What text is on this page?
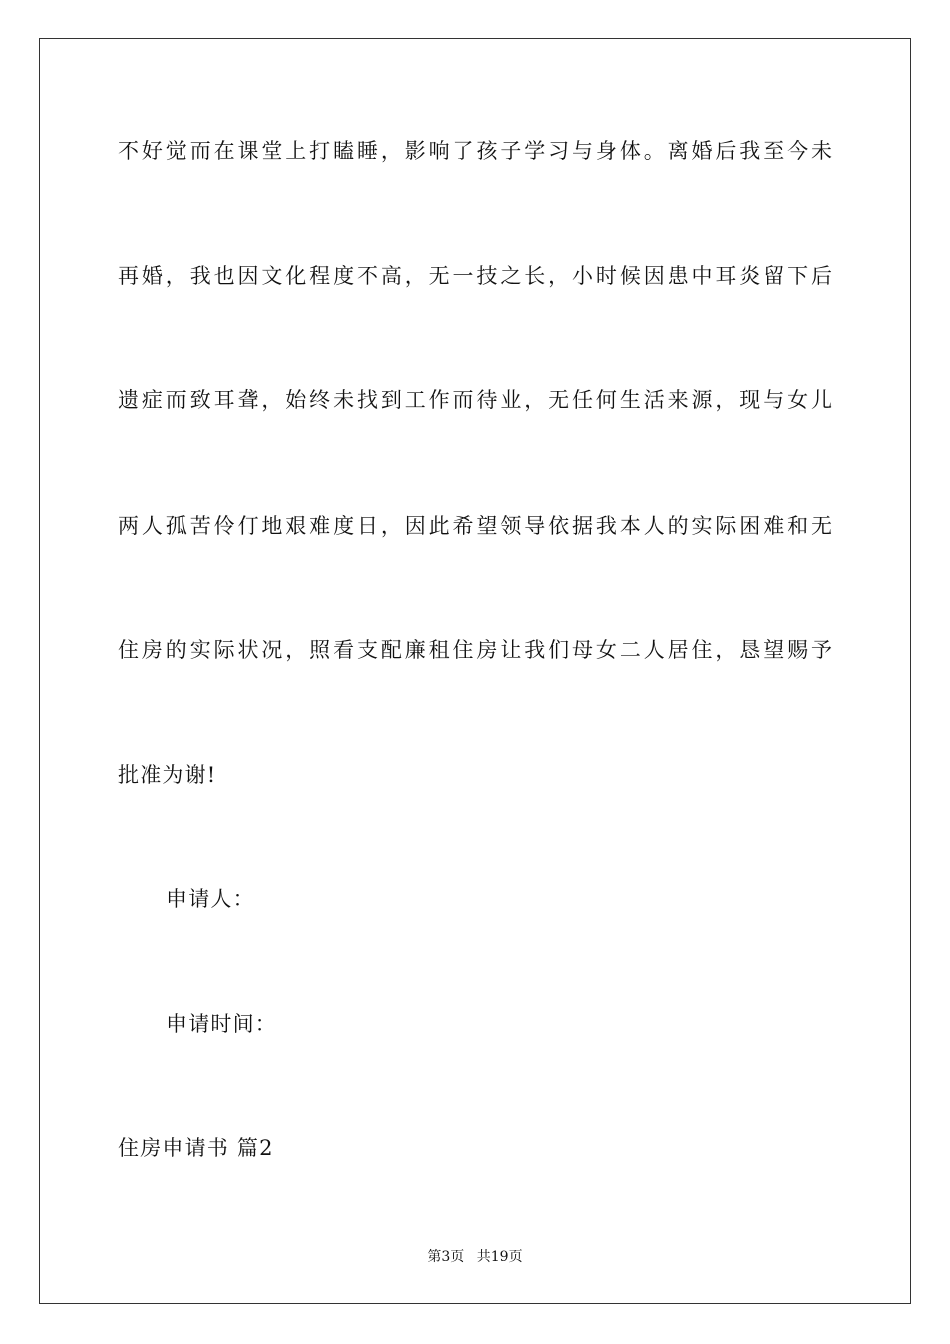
不好觉而在课堂上打瞌睡，影响了孩子学习与身体。离婚后我至今未
再婚，我也因文化程度不高，无一技之长，小时候因患中耳炎留下后
遗症而致耳聋，始终未找到工作而待业，无任何生活来源，现与女儿
两人孤苦伶仃地艰难度日，因此希望领导依据我本人的实际困难和无
住房的实际状况，照看支配廉租住房让我们母女二人居住，恳望赐予
批准为谢!
申请人：
申请时间：
住房申请书 篇2
第3页 共19页
